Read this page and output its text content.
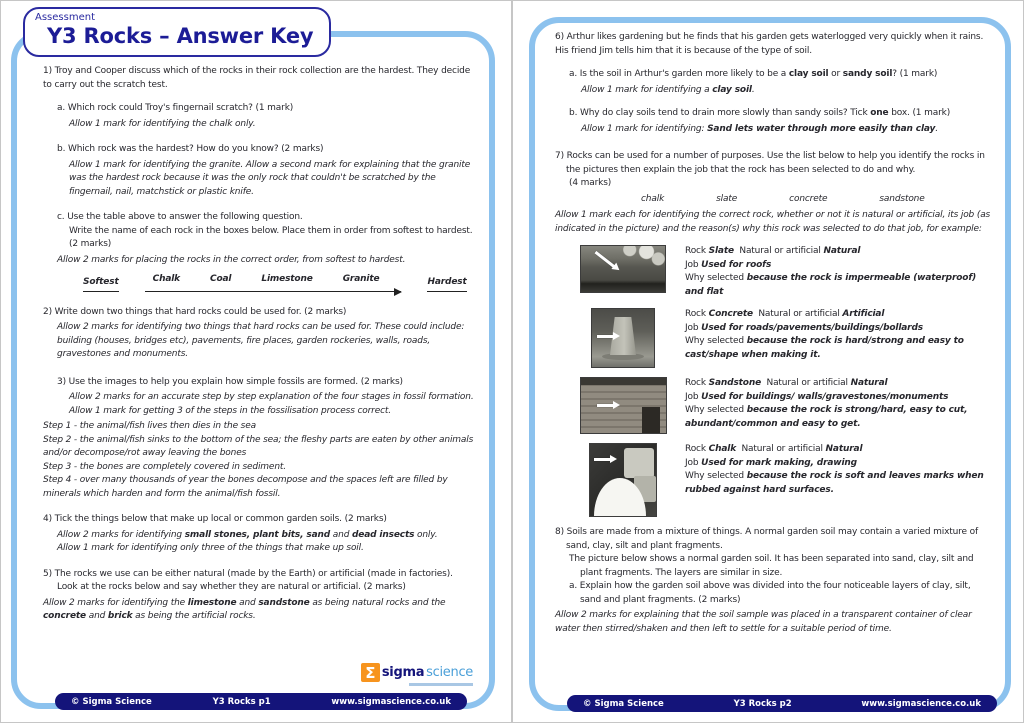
Assessment
Y3 Rocks – Answer Key
1) Troy and Cooper discuss which of the rocks in their rock collection are the hardest. They decide to carry out the scratch test.
a. Which rock could Troy's fingernail scratch? (1 mark)
Allow 1 mark for identifying the chalk only.
b. Which rock was the hardest? How do you know? (2 marks)
Allow 1 mark for identifying the granite. Allow a second mark for explaining that the granite was the hardest rock because it was the only rock that couldn't be scratched by the fingernail, nail, matchstick or plastic knife.
c. Use the table above to answer the following question.
Write the name of each rock in the boxes below. Place them in order from softest to hardest. (2 marks)
Allow 2 marks for placing the rocks in the correct order, from softest to hardest.
Softest	Chalk	Coal	Limestone	Granite	Hardest
2) Write down two things that hard rocks could be used for. (2 marks)
Allow 2 marks for identifying two things that hard rocks can be used for. These could include: building (houses, bridges etc), pavements, fire places, garden rockeries, walls, roads, gravestones and monuments.
3) Use the images to help you explain how simple fossils are formed. (2 marks)
Allow 2 marks for an accurate step by step explanation of the four stages in fossil formation. Allow 1 mark for getting 3 of the steps in the fossilisation process correct.
Step 1 - the animal/fish lives then dies in the sea
Step 2 - the animal/fish sinks to the bottom of the sea; the fleshy parts are eaten by other animals and/or decompose/rot away leaving the bones
Step 3 - the bones are completely covered in sediment.
Step 4 - over many thousands of year the bones decompose and the spaces left are filled by minerals which harden and form the animal/fish fossil.
4) Tick the things below that make up local or common garden soils. (2 marks)
Allow 2 marks for identifying small stones, plant bits, sand and dead insects only.
Allow 1 mark for identifying only three of the things that make up soil.
5) The rocks we use can be either natural (made by the Earth) or artificial (made in factories).
Look at the rocks below and say whether they are natural or artificial. (2 marks)
Allow 2 marks for identifying the limestone and sandstone as being natural rocks and the concrete and brick as being the artificial rocks.
Σ sigma science
© Sigma Science	Y3 Rocks p1	www.sigmascience.co.uk
6) Arthur likes gardening but he finds that his garden gets waterlogged very quickly when it rains. His friend Jim tells him that it is because of the type of soil.
a. Is the soil in Arthur's garden more likely to be a clay soil or sandy soil? (1 mark)
Allow 1 mark for identifying a clay soil.
b. Why do clay soils tend to drain more slowly than sandy soils? Tick one box. (1 mark)
Allow 1 mark for identifying: Sand lets water through more easily than clay.
7) Rocks can be used for a number of purposes. Use the list below to help you identify the rocks in the pictures then explain the job that the rock has been selected to do and why.
(4 marks)
chalk	slate	concrete	sandstone
Allow 1 mark each for identifying the correct rock, whether or not it is natural or artificial, its job (as indicated in the picture) and the reason(s) why this rock was selected to do that job, for example:
Rock Slate Natural or artificial Natural
Job Used for roofs
Why selected because the rock is impermeable (waterproof) and flat
Rock Concrete Natural or artificial Artificial
Job Used for roads/pavements/buildings/bollards
Why selected because the rock is hard/strong and easy to cast/shape when making it.
Rock Sandstone Natural or artificial Natural
Job Used for buildings/ walls/gravestones/monuments
Why selected because the rock is strong/hard, easy to cut, abundant/common and easy to get.
Rock Chalk Natural or artificial Natural
Job Used for mark making, drawing
Why selected because the rock is soft and leaves marks when rubbed against hard surfaces.
8) Soils are made from a mixture of things. A normal garden soil may contain a varied mixture of sand, clay, silt and plant fragments.
The picture below shows a normal garden soil. It has been separated into sand, clay, silt and plant fragments. The layers are similar in size.
a. Explain how the garden soil above was divided into the four noticeable layers of clay, silt, sand and plant fragments. (2 marks)
Allow 2 marks for explaining that the soil sample was placed in a transparent container of clear water then stirred/shaken and then left to settle for a suitable period of time.
© Sigma Science	Y3 Rocks p2	www.sigmascience.co.uk
